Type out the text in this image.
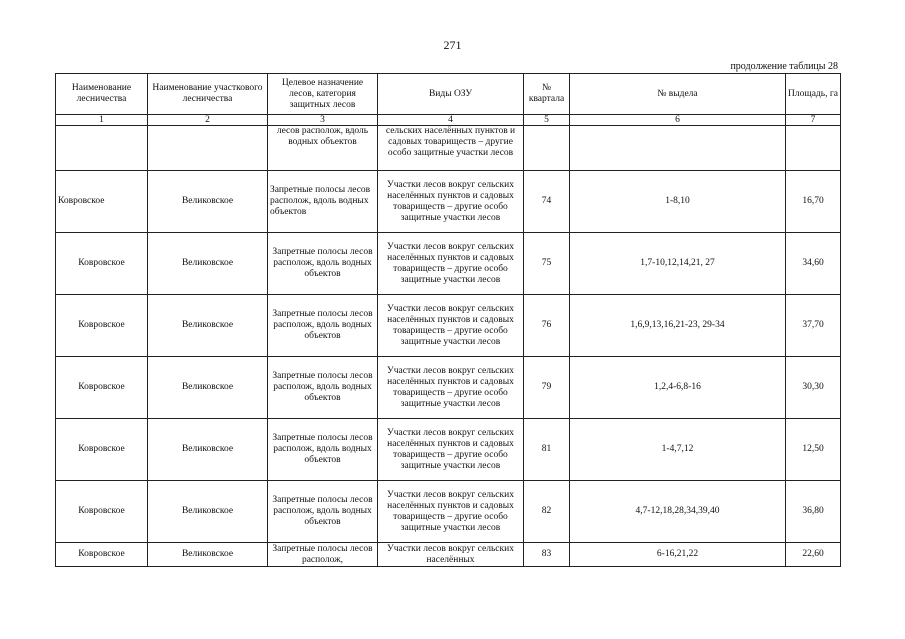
271
продолжение таблицы 28
Наименование лесничества	Наименование участкового лесничества	Целевое назначение лесов, категория защитных лесов	Виды ОЗУ	№ квартала	№ выдела	Площадь, га
1	2	3	4	5	6	7
		лесов располож, вдоль водных объектов	сельских населённых пунктов и садовых товариществ – другие особо защитные участки лесов			
Ковровское	Великовское	Запретные полосы лесов располож, вдоль водных объектов	Участки лесов вокруг сельских населённых пунктов и садовых товариществ – другие особо защитные участки лесов	74	1-8,10	16,70
Ковровское	Великовское	Запретные полосы лесов располож, вдоль водных объектов	Участки лесов вокруг сельских населённых пунктов и садовых товариществ – другие особо защитные участки лесов	75	1,7-10,12,14,21, 27	34,60
Ковровское	Великовское	Запретные полосы лесов располож, вдоль водных объектов	Участки лесов вокруг сельских населённых пунктов и садовых товариществ – другие особо защитные участки лесов	76	1,6,9,13,16,21-23, 29-34	37,70
Ковровское	Великовское	Запретные полосы лесов располож, вдоль водных объектов	Участки лесов вокруг сельских населённых пунктов и садовых товариществ – другие особо защитные участки лесов	79	1,2,4-6,8-16	30,30
Ковровское	Великовское	Запретные полосы лесов располож, вдоль водных объектов	Участки лесов вокруг сельских населённых пунктов и садовых товариществ – другие особо защитные участки лесов	81	1-4,7,12	12,50
Ковровское	Великовское	Запретные полосы лесов располож, вдоль водных объектов	Участки лесов вокруг сельских населённых пунктов и садовых товариществ – другие особо защитные участки лесов	82	4,7-12,18,28,34,39,40	36,80
Ковровское	Великовское	Запретные полосы лесов располож,	Участки лесов вокруг сельских населённых	83	6-16,21,22	22,60
